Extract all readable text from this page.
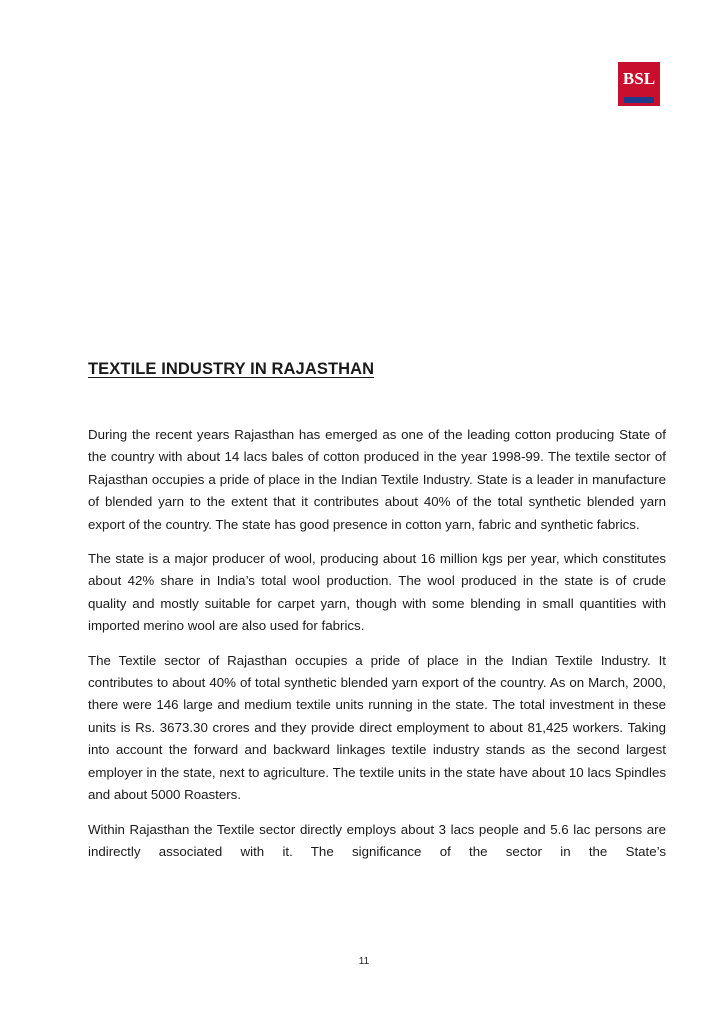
BSL
TEXTILE INDUSTRY IN RAJASTHAN

During the recent years Rajasthan has emerged as one of the leading cotton producing State of the country with about 14 lacs bales of cotton produced in the year 1998-99. The textile sector of Rajasthan occupies a pride of place in the Indian Textile Industry. State is a leader in manufacture of blended yarn to the extent that it contributes about 40% of the total synthetic blended yarn export of the country. The state has good presence in cotton yarn, fabric and synthetic fabrics.

The state is a major producer of wool, producing about 16 million kgs per year, which constitutes about 42% share in India’s total wool production. The wool produced in the state is of crude quality and mostly suitable for carpet yarn, though with some blending in small quantities with imported merino wool are also used for fabrics.

The Textile sector of Rajasthan occupies a pride of place in the Indian Textile Industry. It contributes to about 40% of total synthetic blended yarn export of the country. As on March, 2000, there were 146 large and medium textile units running in the state. The total investment in these units is Rs. 3673.30 crores and they provide direct employment to about 81,425 workers. Taking into account the forward and backward linkages textile industry stands as the second largest employer in the state, next to agriculture. The textile units in the state have about 10 lacs Spindles and about 5000 Roasters.

Within Rajasthan the Textile sector directly employs about 3 lacs people and 5.6 lac persons are indirectly associated with it. The significance of the sector in the State’s

11
